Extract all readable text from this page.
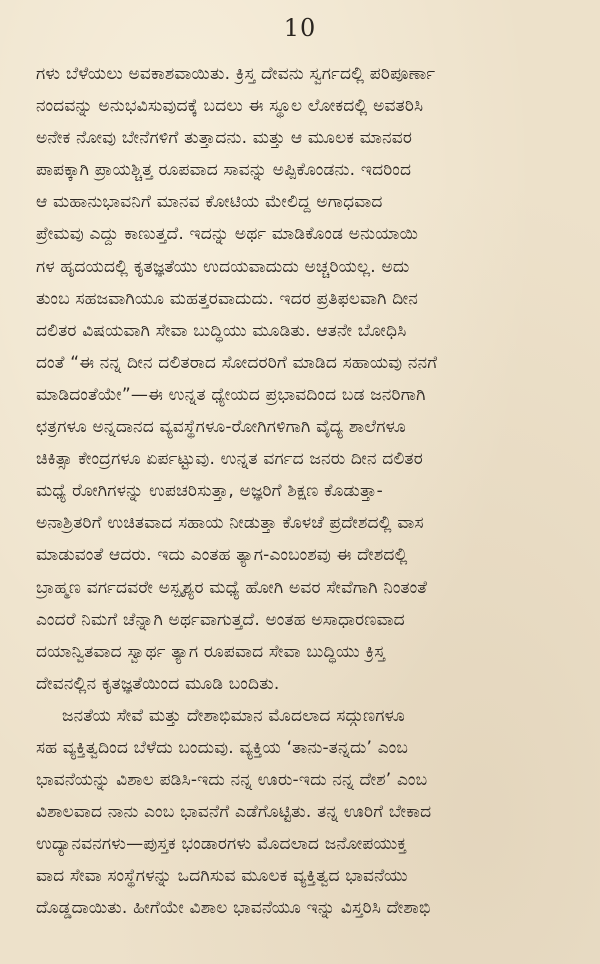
10
ಗಳು ಬೆಳೆಯಲು ಅವಕಾಶವಾಯಿತು. ಕ್ರಿಸ್ತ ದೇವನು ಸ್ವರ್ಗದಲ್ಲಿ ಪರಿಪೂರ್ಣಾ
ನಂದವನ್ನು ಅನುಭವಿಸುವುದಕ್ಕೆ ಬದಲು ಈ ಸ್ಥೂಲ ಲೋಕದಲ್ಲಿ ಅವತರಿಸಿ
ಅನೇಕ ನೋವು ಬೇನೆಗಳಿಗೆ ತುತ್ತಾದನು. ಮತ್ತು ಆ ಮೂಲಕ ಮಾನವರ
ಪಾಪಕ್ಕಾಗಿ ಪ್ರಾಯಶ್ಚಿತ್ತ ರೂಪವಾದ ಸಾವನ್ನು ಅಪ್ಪಿಕೊಂಡನು. ಇದರಿಂದ
ಆ ಮಹಾನುಭಾವನಿಗೆ ಮಾನವ ಕೋಟಿಯ ಮೇಲಿದ್ದ ಅಗಾಧವಾದ
ಪ್ರೇಮವು ಎದ್ದು ಕಾಣುತ್ತದೆ. ಇದನ್ನು ಅರ್ಥ ಮಾಡಿಕೊಂಡ ಅನುಯಾಯಿ
ಗಳ ಹೃದಯದಲ್ಲಿ ಕೃತಜ್ಞತೆಯು ಉದಯವಾದುದು ಅಚ್ಚರಿಯಲ್ಲ. ಅದು
ತುಂಬ ಸಹಜವಾಗಿಯೂ ಮಹತ್ತರವಾದುದು. ಇದರ ಪ್ರತಿಫಲವಾಗಿ ದೀನ
ದಲಿತರ ವಿಷಯವಾಗಿ ಸೇವಾ ಬುದ್ಧಿಯು ಮೂಡಿತು. ಆತನೇ ಬೋಧಿಸಿ
ದಂತೆ “ಈ ನನ್ನ ದೀನ ದಲಿತರಾದ ಸೋದರರಿಗೆ ಮಾಡಿದ ಸಹಾಯವು ನನಗೆ
ಮಾಡಿದಂತೆಯೇ”—ಈ ಉನ್ನತ ಧ್ಯೇಯದ ಪ್ರಭಾವದಿಂದ ಬಡ ಜನರಿಗಾಗಿ
ಛತ್ರಗಳೂ ಅನ್ನದಾನದ ವ್ಯವಸ್ಥೆಗಳೂ-ರೋಗಿಗಳಿಗಾಗಿ ವೈದ್ಯ ಶಾಲೆಗಳೂ
ಚಿಕಿತ್ಸಾ ಕೇಂದ್ರಗಳೂ ಏರ್ಪಟ್ಟುವು. ಉನ್ನತ ವರ್ಗದ ಜನರು ದೀನ ದಲಿತರ
ಮಧ್ಯೆ ರೋಗಿಗಳನ್ನು ಉಪಚರಿಸುತ್ತಾ, ಅಜ್ಞರಿಗೆ ಶಿಕ್ಷಣ ಕೊಡುತ್ತಾ-
ಅನಾಶ್ರಿತರಿಗೆ ಉಚಿತವಾದ ಸಹಾಯ ನೀಡುತ್ತಾ ಕೊಳಚೆ ಪ್ರದೇಶದಲ್ಲಿ ವಾಸ
ಮಾಡುವಂತೆ ಆದರು. ಇದು ಎಂತಹ ತ್ಯಾಗ-ಎಂಬಂಶವು ಈ ದೇಶದಲ್ಲಿ
ಬ್ರಾಹ್ಮಣ ವರ್ಗದವರೇ ಅಸ್ಪೃಶ್ಯರ ಮಧ್ಯೆ ಹೋಗಿ ಅವರ ಸೇವೆಗಾಗಿ ನಿಂತಂತೆ
ಎಂದರೆ ನಿಮಗೆ ಚೆನ್ನಾಗಿ ಅರ್ಥವಾಗುತ್ತದೆ. ಅಂತಹ ಅಸಾಧಾರಣವಾದ
ದಯಾನ್ವಿತವಾದ ಸ್ವಾರ್ಥ ತ್ಯಾಗ ರೂಪವಾದ ಸೇವಾ ಬುದ್ಧಿಯು ಕ್ರಿಸ್ತ
ದೇವನಲ್ಲಿನ ಕೃತಜ್ಞತೆಯಿಂದ ಮೂಡಿ ಬಂದಿತು.
ಜನತೆಯ ಸೇವೆ ಮತ್ತು ದೇಶಾಭಿಮಾನ ಮೊದಲಾದ ಸದ್ಗುಣಗಳೂ
ಸಹ ವ್ಯಕ್ತಿತ್ವದಿಂದ ಬೆಳೆದು ಬಂದುವು. ವ್ಯಕ್ತಿಯ ‘ತಾನು-ತನ್ನದು’ ಎಂಬ
ಭಾವನೆಯನ್ನು ವಿಶಾಲ ಪಡಿಸಿ-ಇದು ನನ್ನ ಊರು-ಇದು ನನ್ನ ದೇಶ’ ಎಂಬ
ವಿಶಾಲವಾದ ನಾನು ಎಂಬ ಭಾವನೆಗೆ ಎಡೆಗೊಟ್ಟಿತು. ತನ್ನ ಊರಿಗೆ ಬೇಕಾದ
ಉದ್ಯಾನವನಗಳು—ಪುಸ್ತಕ ಭಂಡಾರಗಳು ಮೊದಲಾದ ಜನೋಪಯುಕ್ತ
ವಾದ ಸೇವಾ ಸಂಸ್ಥೆಗಳನ್ನು ಒದಗಿಸುವ ಮೂಲಕ ವ್ಯಕ್ತಿತ್ವದ ಭಾವನೆಯು
ದೊಡ್ಡದಾಯಿತು. ಹೀಗೆಯೇ ವಿಶಾಲ ಭಾವನೆಯೂ ಇನ್ನು ವಿಸ್ತರಿಸಿ ದೇಶಾಭಿ
